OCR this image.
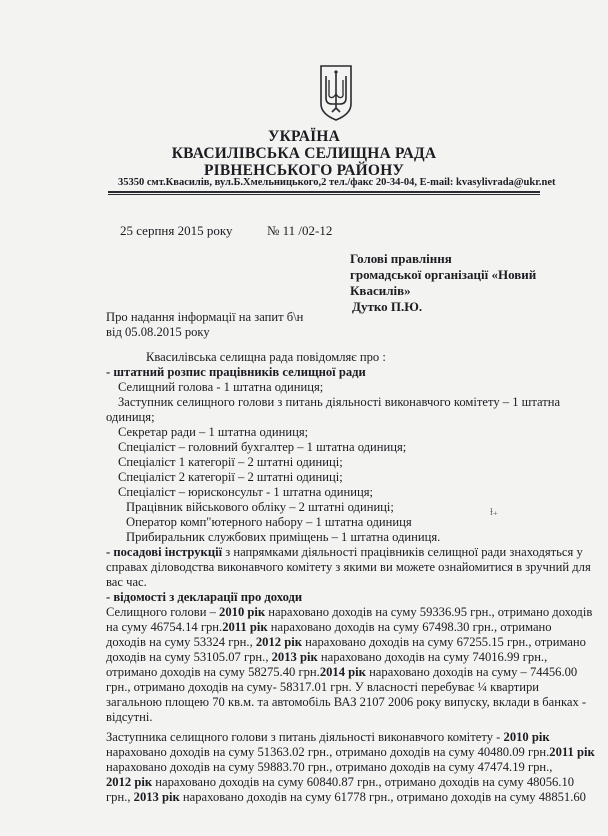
УКРАЇНА
КВАСИЛІВСЬКА СЕЛИЩНА РАДА
РІВНЕНСЬКОГО РАЙОНУ
35350 смт.Квасилів, вул.Б.Хмельницького,2 тел./факс 20-34-04, E-mail: kvasylivrada@ukr.net
25 серпня 2015 року	№ 11 /02-12
Голові правління
громадської організації «Новий
Квасилів»
Дутко П.Ю.
Про надання інформації на запит б\н
від 05.08.2015 року
Квасилівська селищна рада повідомляє про :
- штатний розпис працівників селищної ради
Селищний голова - 1 штатна одиниця;
Заступник селищного голови з питань діяльності виконавчого комітету – 1 штатна
одиниця;
Секретар ради – 1 штатна одиниця;
Спеціаліст – головний бухгалтер – 1 штатна одиниця;
Спеціаліст 1 категорії – 2 штатні одиниці;
Спеціаліст 2 категорії – 2 штатні одиниці;
Спеціаліст – юрисконсульт - 1 штатна одиниця;
Працівник військового обліку – 2 штатні одиниці;
Оператор комп"ютерного набору – 1 штатна одиниця
Прибиральник службових приміщень – 1 штатна одиниця.
ɫ₊
- посадові інструкції з напрямками діяльності працівників селищної ради знаходяться у
справах діловодства виконавчого комітету з якими ви можете ознайомитися в зручний для
вас час.
- відомості з декларації про доходи
Селищного голови – 2010 рік нараховано доходів на суму 59336.95 грн., отримано доходів
на суму 46754.14 грн.2011 рік нараховано доходів на суму 67498.30 грн., отримано
доходів на суму 53324 грн., 2012 рік нараховано доходів на суму 67255.15 грн., отримано
доходів на суму 53105.07 грн., 2013 рік нараховано доходів на суму 74016.99 грн.,
отримано доходів на суму 58275.40 грн.2014 рік нараховано доходів на суму – 74456.00
грн., отримано доходів на суму- 58317.01 грн. У власності перебуває ¼ квартири
загальною площею 70 кв.м. та автомобіль ВАЗ 2107 2006 року випуску, вклади в банках -
відсутні.
Заступника селищного голови з питань діяльності виконавчого комітету - 2010 рік
нараховано доходів на суму 51363.02 грн., отримано доходів на суму 40480.09 грн.2011 рік
нараховано доходів на суму 59883.70 грн., отримано доходів на суму 47474.19 грн.,
2012 рік нараховано доходів на суму 60840.87 грн., отримано доходів на суму 48056.10
грн., 2013 рік нараховано доходів на суму 61778 грн., отримано доходів на суму 48851.60
